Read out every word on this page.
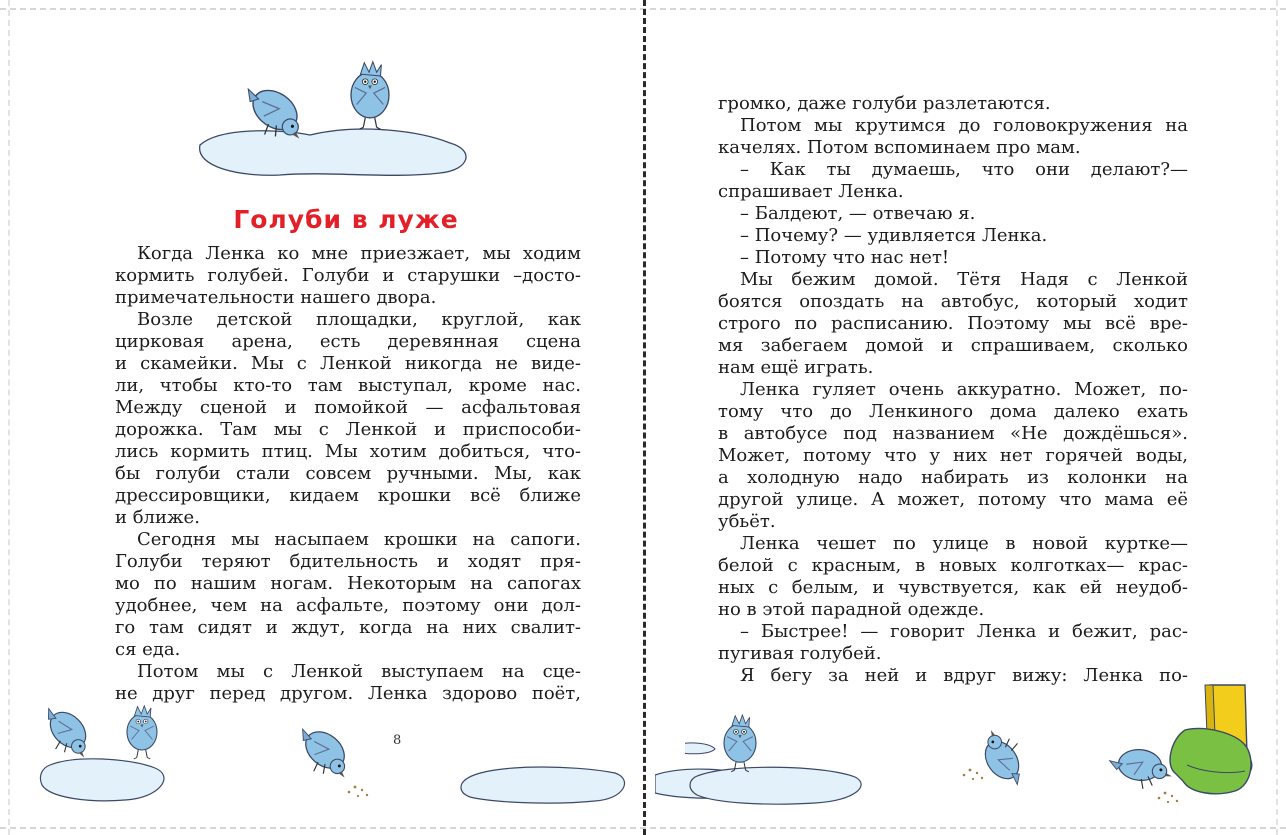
Голуби в луже

Когда Ленка ко мне приезжает, мы ходим

кормить голубей. Голуби и старушки –досто-

примечательности нашего двора.

Возле детской площадки, круглой, как

цирковая арена, есть деревянная сцена

и скамейки. Мы с Ленкой никогда не виде-

ли, чтобы кто-то там выступал, кроме нас.

Между сценой и помойкой — асфальтовая

дорожка. Там мы с Ленкой и приспособи-

лись кормить птиц. Мы хотим добиться, что-

бы голуби стали совсем ручными. Мы, как

дрессировщики, кидаем крошки всё ближе

и ближе.

Сегодня мы насыпаем крошки на сапоги.

Голуби теряют бдительность и ходят пря-

мо по нашим ногам. Некоторым на сапогах

удобнее, чем на асфальте, поэтому они дол-

го там сидят и ждут, когда на них свалит-

ся еда.

Потом мы с Ленкой выступаем на сце-

не друг перед другом. Ленка здорово поёт,

8

громко, даже голуби разлетаются.

Потом мы крутимся до головокружения на

качелях. Потом вспоминаем про мам.

– Как ты думаешь, что они делают?—

спрашивает Ленка.

– Балдеют, — отвечаю я.

– Почему? — удивляется Ленка.

– Потому что нас нет!

Мы бежим домой. Тётя Надя с Ленкой

боятся опоздать на автобус, который ходит

строго по расписанию. Поэтому мы всё вре-

мя забегаем домой и спрашиваем, сколько

нам ещё играть.

Ленка гуляет очень аккуратно. Может, по-

тому что до Ленкиного дома далеко ехать

в автобусе под названием «Не дождёшься».

Может, потому что у них нет горячей воды,

а холодную надо набирать из колонки на

другой улице. А может, потому что мама её

убьёт.

Ленка чешет по улице в новой куртке—

белой с красным, в новых колготках— крас-

ных с белым, и чувствуется, как ей неудоб-

но в этой парадной одежде.

– Быстрее! — говорит Ленка и бежит, рас-

пугивая голубей.

Я бегу за ней и вдруг вижу: Ленка по-
